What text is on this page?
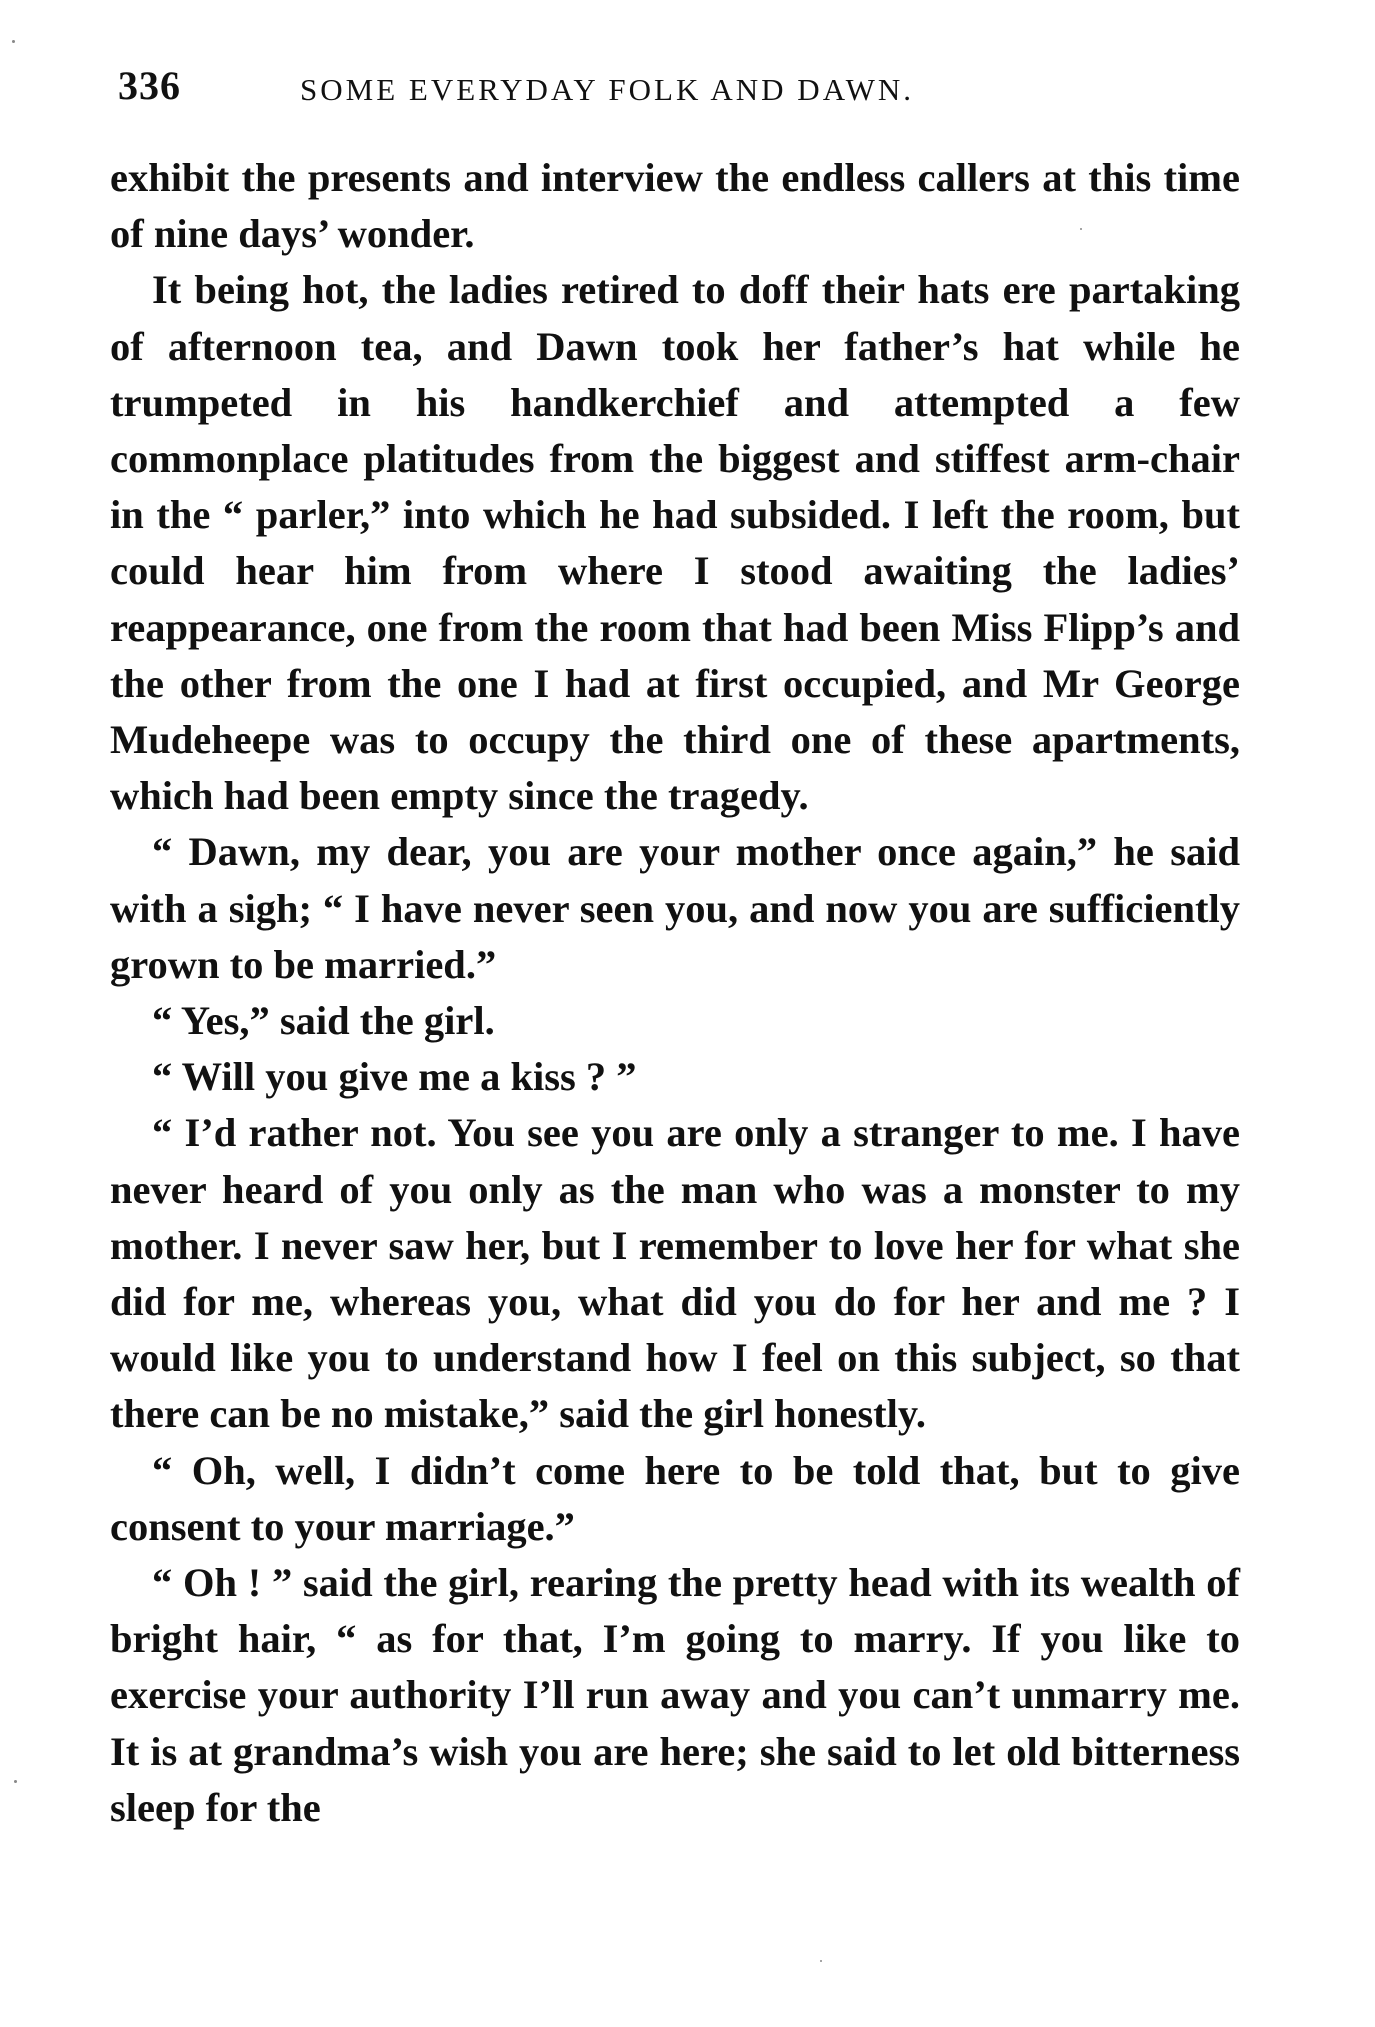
336	SOME EVERYDAY FOLK AND DAWN.

exhibit the presents and interview the endless callers at this time of nine days’ wonder.

It being hot, the ladies retired to doff their hats ere partaking of afternoon tea, and Dawn took her father’s hat while he trumpeted in his handkerchief and attempted a few commonplace platitudes from the biggest and stiffest arm-chair in the “ parler,” into which he had subsided. I left the room, but could hear him from where I stood awaiting the ladies’ reappearance, one from the room that had been Miss Flipp’s and the other from the one I had at first occupied, and Mr George Mudeheepe was to occupy the third one of these apartments, which had been empty since the tragedy.

“ Dawn, my dear, you are your mother once again,” he said with a sigh; “ I have never seen you, and now you are sufficiently grown to be married.”

“ Yes,” said the girl.

“ Will you give me a kiss ? ”

“ I’d rather not. You see you are only a stranger to me. I have never heard of you only as the man who was a monster to my mother. I never saw her, but I remember to love her for what she did for me, whereas you, what did you do for her and me ? I would like you to understand how I feel on this subject, so that there can be no mistake,” said the girl honestly.

“ Oh, well, I didn’t come here to be told that, but to give consent to your marriage.”

“ Oh ! ” said the girl, rearing the pretty head with its wealth of bright hair, “ as for that, I’m going to marry. If you like to exercise your authority I’ll run away and you can’t unmarry me. It is at grandma’s wish you are here; she said to let old bitterness sleep for the
